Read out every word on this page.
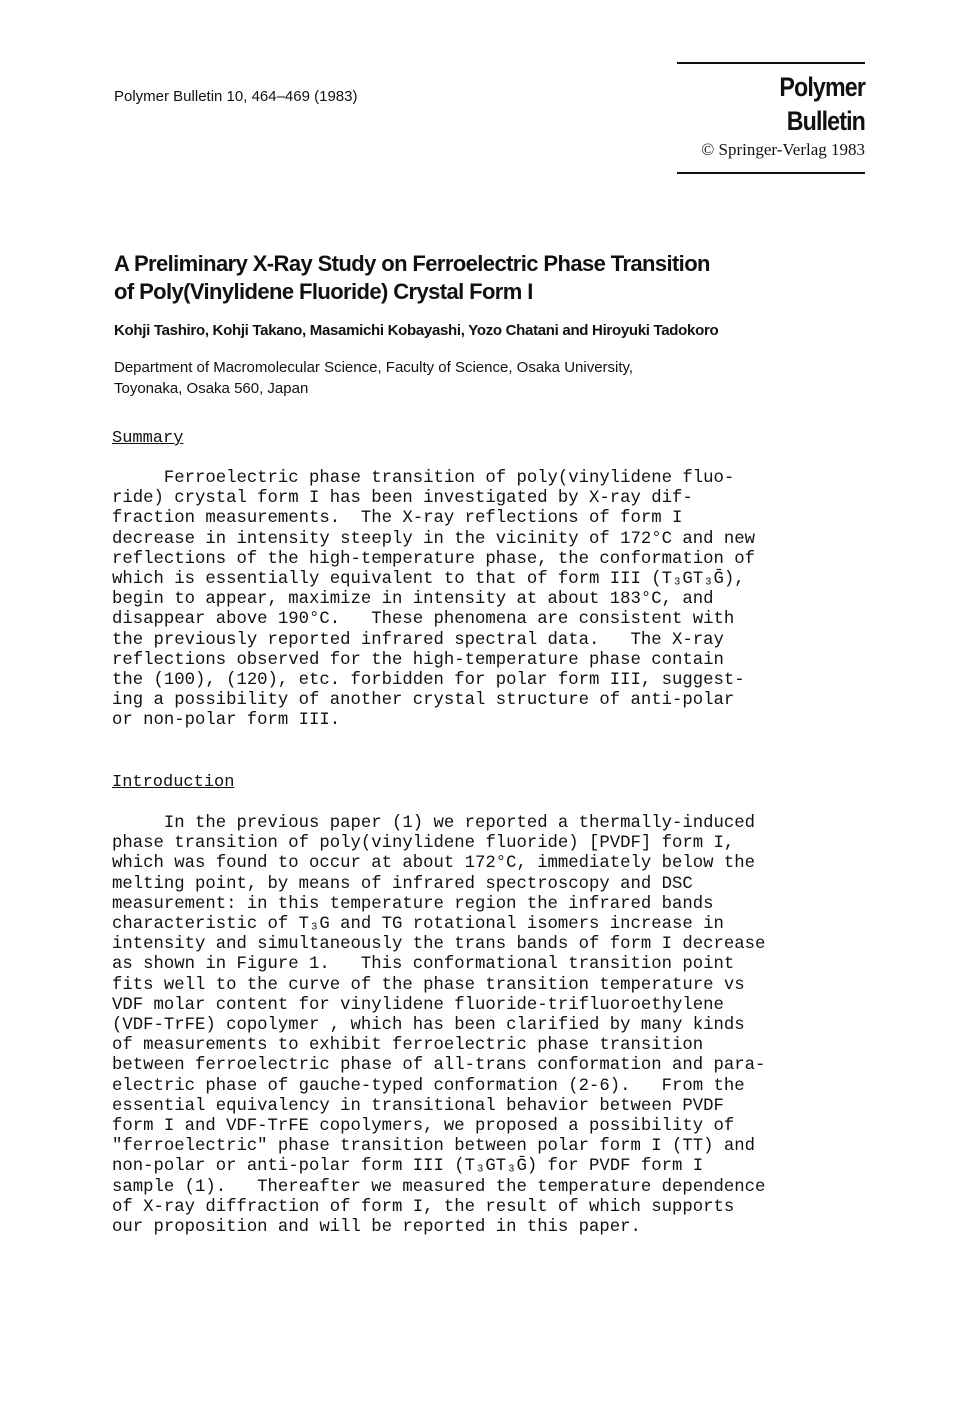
Polymer Bulletin 10, 464–469 (1983)	Polymer Bulletin
© Springer-Verlag 1983
A Preliminary X-Ray Study on Ferroelectric Phase Transition
of Poly(Vinylidene Fluoride) Crystal Form I
Kohji Tashiro, Kohji Takano, Masamichi Kobayashi, Yozo Chatani and Hiroyuki Tadokoro
Department of Macromolecular Science, Faculty of Science, Osaka University,
Toyonaka, Osaka 560, Japan
Summary
Ferroelectric phase transition of poly(vinylidene fluo-
ride) crystal form I has been investigated by X-ray dif-
fraction measurements.  The X-ray reflections of form I
decrease in intensity steeply in the vicinity of 172°C and new
reflections of the high-temperature phase, the conformation of
which is essentially equivalent to that of form III (T₃GT₃Ḡ),
begin to appear, maximize in intensity at about 183°C, and
disappear above 190°C.   These phenomena are consistent with
the previously reported infrared spectral data.   The X-ray
reflections observed for the high-temperature phase contain
the (100), (120), etc. forbidden for polar form III, suggest-
ing a possibility of another crystal structure of anti-polar
or non-polar form III.
Introduction
In the previous paper (1) we reported a thermally-induced
phase transition of poly(vinylidene fluoride) [PVDF] form I,
which was found to occur at about 172°C, immediately below the
melting point, by means of infrared spectroscopy and DSC
measurement: in this temperature region the infrared bands
characteristic of T₃G and TG rotational isomers increase in
intensity and simultaneously the trans bands of form I decrease
as shown in Figure 1.   This conformational transition point
fits well to the curve of the phase transition temperature vs
VDF molar content for vinylidene fluoride-trifluoroethylene
(VDF-TrFE) copolymer , which has been clarified by many kinds
of measurements to exhibit ferroelectric phase transition
between ferroelectric phase of all-trans conformation and para-
electric phase of gauche-typed conformation (2-6).   From the
essential equivalency in transitional behavior between PVDF
form I and VDF-TrFE copolymers, we proposed a possibility of
"ferroelectric" phase transition between polar form I (TT) and
non-polar or anti-polar form III (T₃GT₃Ḡ) for PVDF form I
sample (1).   Thereafter we measured the temperature dependence
of X-ray diffraction of form I, the result of which supports
our proposition and will be reported in this paper.
